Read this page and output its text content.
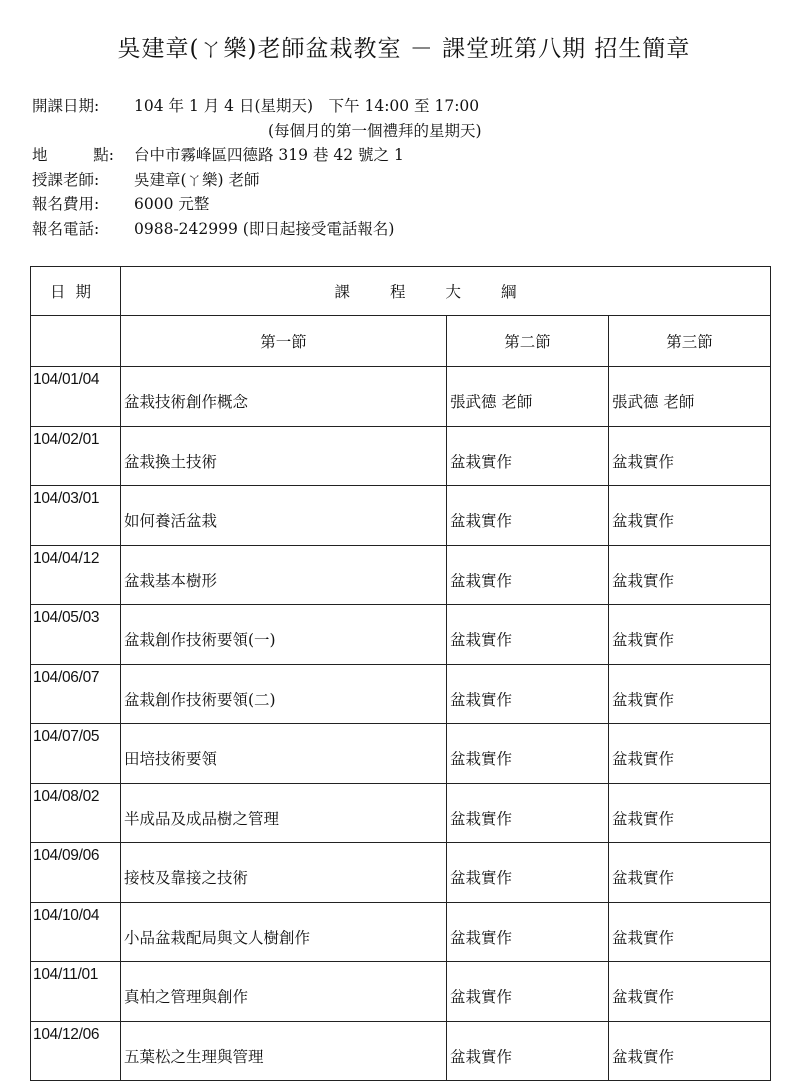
吳建章(ㄚ樂)老師盆栽教室 － 課堂班第八期 招生簡章
開課日期:	104 年 1 月 4 日(星期天)　下午 14:00 至 17:00
(每個月的第一個禮拜的星期天)
地	點: 台中市霧峰區四德路 319 巷 42 號之 1
授課老師:	吳建章(ㄚ樂) 老師
報名費用:	6000 元整
報名電話:	0988-242999 (即日起接受電話報名)
日期	課程大綱		
	第一節	第二節	第三節
104/01/04	盆栽技術創作概念	張武德 老師	張武德 老師
104/02/01	盆栽換土技術	盆栽實作	盆栽實作
104/03/01	如何養活盆栽	盆栽實作	盆栽實作
104/04/12	盆栽基本樹形	盆栽實作	盆栽實作
104/05/03	盆栽創作技術要領(一)	盆栽實作	盆栽實作
104/06/07	盆栽創作技術要領(二)	盆栽實作	盆栽實作
104/07/05	田培技術要領	盆栽實作	盆栽實作
104/08/02	半成品及成品樹之管理	盆栽實作	盆栽實作
104/09/06	接枝及靠接之技術	盆栽實作	盆栽實作
104/10/04	小品盆栽配局與文人樹創作	盆栽實作	盆栽實作
104/11/01	真柏之管理與創作	盆栽實作	盆栽實作
104/12/06	五葉松之生理與管理	盆栽實作	盆栽實作
